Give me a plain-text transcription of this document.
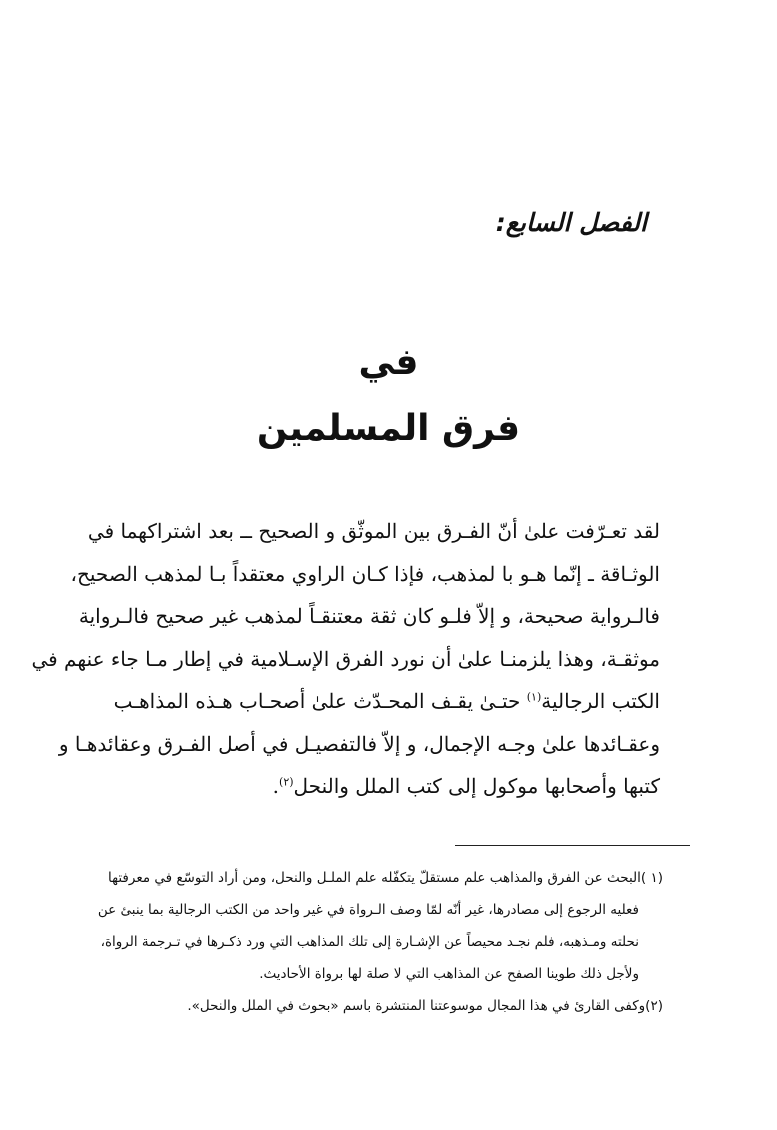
الفصل السابع:
في
فرق المسلمين
لقد تعـرّفت علىٰ أنّ الفـرق بين الموثّق و الصحيح ــ بعد اشتراكهما في
الوثـاقة ـ إنّما هـو با لمذهب، فإذا كـان الراوي معتقداً بـا لمذهب الصحيح،
فالـرواية صحيحة، و إلاّ فلـو كان ثقة معتنقـاً لمذهب غير صحيح فالـرواية
موثقـة، وهذا يلزمنـا علىٰ أن نورد الفرق الإسـلامية في إطار مـا جاء عنهم في
الكتب الرجالية$^{(١)}$ حتـىٰ يقـف المحـدّث علىٰ أصحـاب هـذه المذاهـب
وعقـائدها علىٰ وجـه الإجمال، و إلاّ فالتفصيـل في أصل الفـرق وعقائدهـا و
كتبها وأصحابها موكول إلى كتب الملل والنحل$^{(٢)}$.
(١ )البحث عن الفرق والمذاهب علم مستقلّ يتكفّله علم الملـل والنحل، ومن أراد التوسّع في معرفتها
فعليه الرجوع إلى مصادرها، غير أنّه لمّا وصف الـرواة في غير واحد من الكتب الرجالية بما ينبئ عن
نحلته ومـذهبه، فلم نجـد محيصاً عن الإشـارة إلى تلك المذاهب التي ورد ذكـرها في تـرجمة الرواة،
ولأجل ذلك طوينا الصفح عن المذاهب التي لا صلة لها برواة الأحاديث.
(٢)وكفى القارئ في هذا المجال موسوعتنا المنتشرة باسم «بحوث في الملل والنحل».
